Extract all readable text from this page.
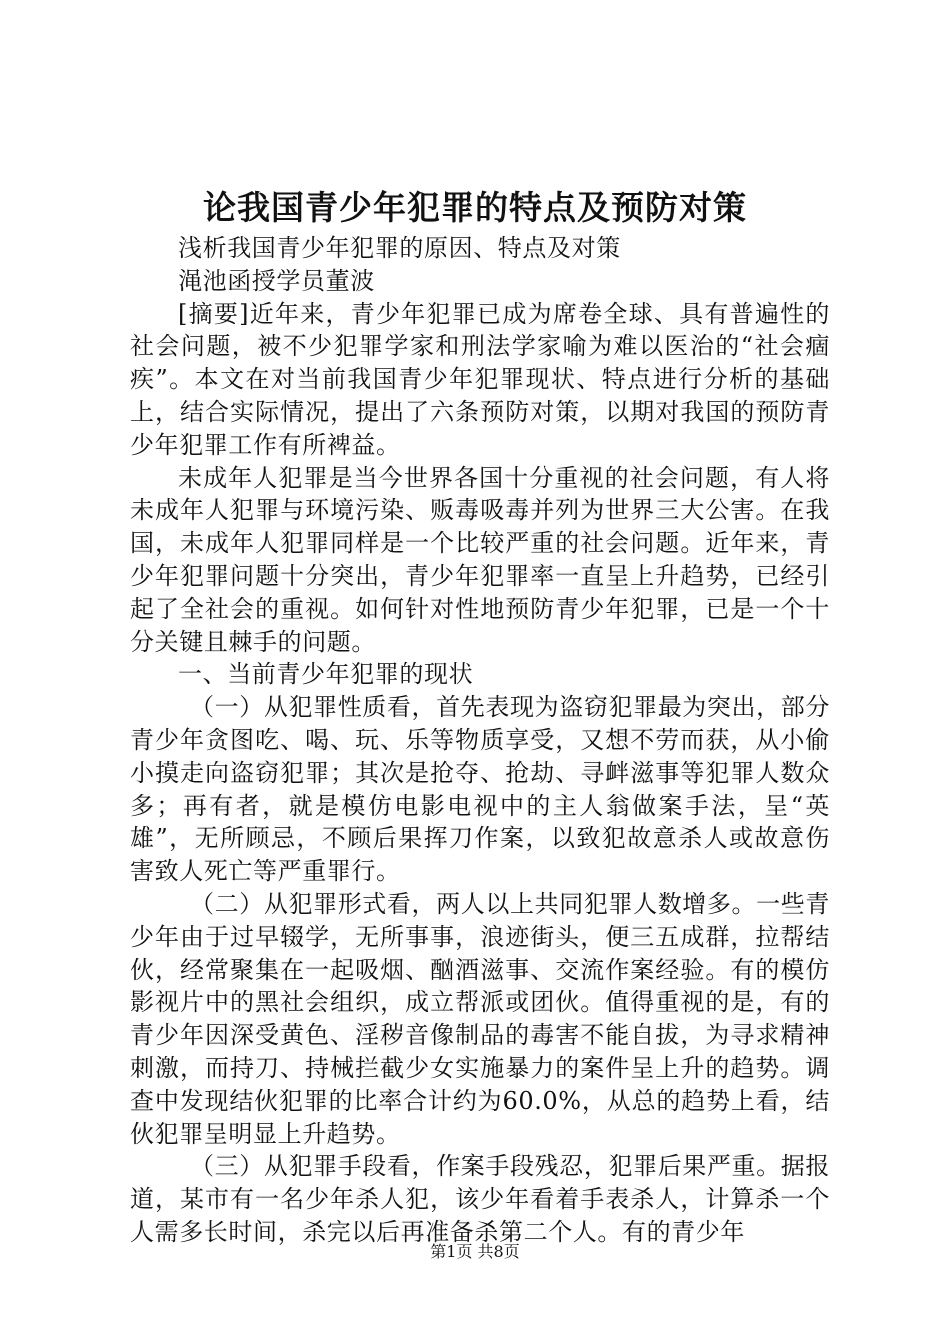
论我国青少年犯罪的特点及预防对策

浅析我国青少年犯罪的原因、特点及对策

渑池函授学员董波

[摘要]近年来，青少年犯罪已成为席卷全球、具有普遍性的社会问题，被不少犯罪学家和刑法学家喻为难以医治的“社会痼疾”。本文在对当前我国青少年犯罪现状、特点进行分析的基础上，结合实际情况，提出了六条预防对策，以期对我国的预防青少年犯罪工作有所裨益。

未成年人犯罪是当今世界各国十分重视的社会问题，有人将未成年人犯罪与环境污染、贩毒吸毒并列为世界三大公害。在我国，未成年人犯罪同样是一个比较严重的社会问题。近年来，青少年犯罪问题十分突出，青少年犯罪率一直呈上升趋势，已经引起了全社会的重视。如何针对性地预防青少年犯罪，已是一个十分关键且棘手的问题。

一、当前青少年犯罪的现状

（一）从犯罪性质看，首先表现为盗窃犯罪最为突出，部分青少年贪图吃、喝、玩、乐等物质享受，又想不劳而获，从小偷小摸走向盗窃犯罪；其次是抢夺、抢劫、寻衅滋事等犯罪人数众多；再有者，就是模仿电影电视中的主人翁做案手法，呈“英雄”，无所顾忌，不顾后果挥刀作案，以致犯故意杀人或故意伤害致人死亡等严重罪行。

（二）从犯罪形式看，两人以上共同犯罪人数增多。一些青少年由于过早辍学，无所事事，浪迹街头，便三五成群，拉帮结伙，经常聚集在一起吸烟、酗酒滋事、交流作案经验。有的模仿影视片中的黑社会组织，成立帮派或团伙。值得重视的是，有的青少年因深受黄色、淫秽音像制品的毒害不能自拔，为寻求精神刺激，而持刀、持械拦截少女实施暴力的案件呈上升的趋势。调查中发现结伙犯罪的比率合计约为60.0%，从总的趋势上看，结伙犯罪呈明显上升趋势。

（三）从犯罪手段看，作案手段残忍，犯罪后果严重。据报道，某市有一名少年杀人犯，该少年看着手表杀人，计算杀一个人需多长时间，杀完以后再准备杀第二个人。有的青少年

第1页 共8页
